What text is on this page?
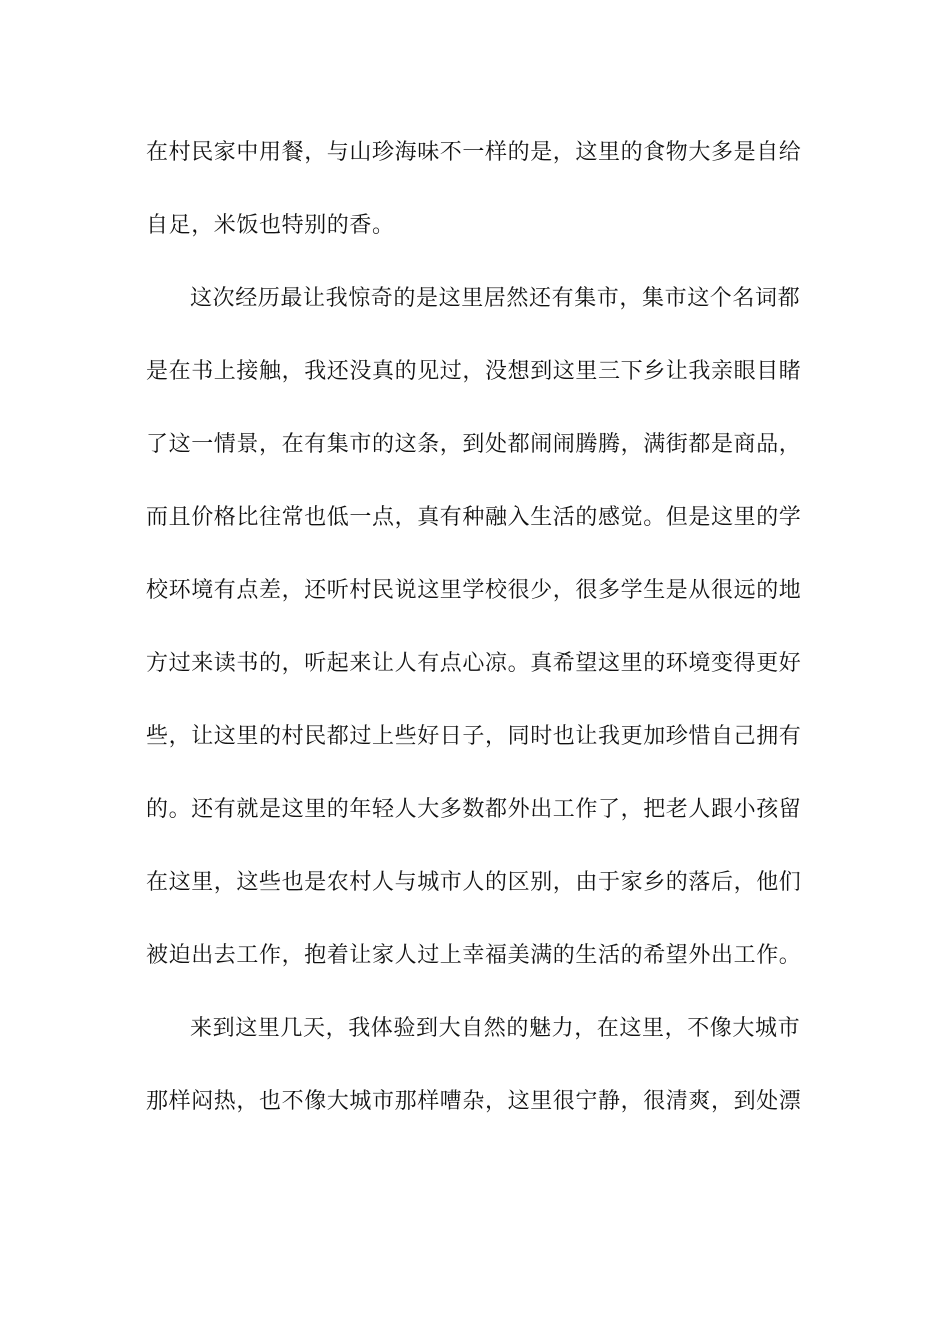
在村民家中用餐，与山珍海味不一样的是，这里的食物大多是自给
自足，米饭也特别的香。
这次经历最让我惊奇的是这里居然还有集市，集市这个名词都
是在书上接触，我还没真的见过，没想到这里三下乡让我亲眼目睹
了这一情景，在有集市的这条，到处都闹闹腾腾，满街都是商品，
而且价格比往常也低一点，真有种融入生活的感觉。但是这里的学
校环境有点差，还听村民说这里学校很少，很多学生是从很远的地
方过来读书的，听起来让人有点心凉。真希望这里的环境变得更好
些，让这里的村民都过上些好日子，同时也让我更加珍惜自己拥有
的。还有就是这里的年轻人大多数都外出工作了，把老人跟小孩留
在这里，这些也是农村人与城市人的区别，由于家乡的落后，他们
被迫出去工作，抱着让家人过上幸福美满的生活的希望外出工作。
来到这里几天，我体验到大自然的魅力，在这里，不像大城市
那样闷热，也不像大城市那样嘈杂，这里很宁静，很清爽，到处漂
